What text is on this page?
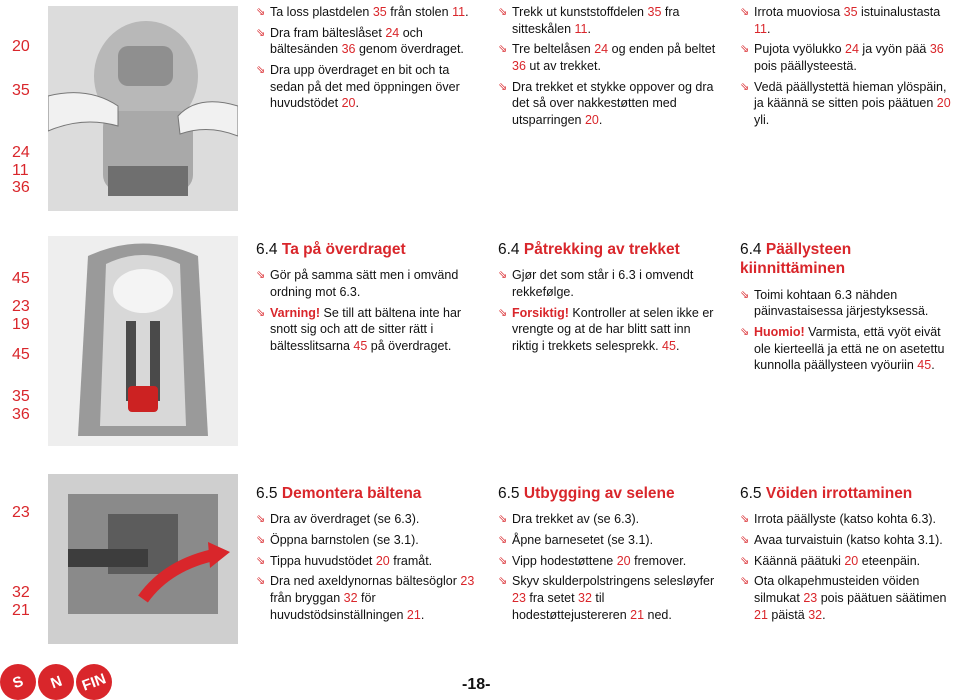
20
35
24
11
36
⇘ Ta loss plastdelen 35 från stolen 11.
⇘ Dra fram bälteslåset 24 och bältesänden 36 genom överdraget.
⇘ Dra upp överdraget en bit och ta sedan på det med öppningen över huvudstödet 20.
⇘ Trekk ut kunststoffdelen 35 fra sitteskålen 11.
⇘ Tre beltelåsen 24 og enden på beltet 36 ut av trekket.
⇘ Dra trekket et stykke oppover og dra det så over nakkestøtten med utsparringen 20.
⇘ Irrota muoviosa 35 istuinalustasta 11.
⇘ Pujota vyölukko 24 ja vyön pää 36 pois päällysteestä.
⇘ Vedä päällystettä hieman ylöspäin, ja käännä se sitten pois päätuen 20 yli.
45
23
19
45
35
36
6.4 Ta på överdraget
⇘ Gör på samma sätt men i omvänd ordning mot 6.3.
⇘ Varning! Se till att bältena inte har snott sig och att de sitter rätt i bältesslitsarna 45 på överdraget.
6.4 Påtrekking av trekket
⇘ Gjør det som står i 6.3 i omvendt rekkefølge.
⇘ Forsiktig! Kontroller at selen ikke er vrengte og at de har blitt satt inn riktig i trekkets selesprekk. 45.
6.4 Päällysteen kiinnittäminen
⇘ Toimi kohtaan 6.3 nähden päinvastaisessa järjestyksessä.
⇘ Huomio! Varmista, että vyöt eivät ole kierteellä ja että ne on asetettu kunnolla päällysteen vyöuriin 45.
23
32
21
6.5 Demontera bältena
⇘ Dra av överdraget (se 6.3).
⇘ Öppna barnstolen (se 3.1).
⇘ Tippa huvudstödet 20 framåt.
⇘ Dra ned axeldynornas bältesöglor 23 från bryggan 32 för huvudstödsinställningen 21.
6.5 Utbygging av selene
⇘ Dra trekket av (se 6.3).
⇘ Åpne barnesetet (se 3.1).
⇘ Vipp hodestøttene 20 fremover.
⇘ Skyv skulderpolstringens selesløyfer 23 fra setet 32 til hodestøttejustereren 21 ned.
6.5 Vöiden irrottaminen
⇘ Irrota päällyste (katso kohta 6.3).
⇘ Avaa turvaistuin (katso kohta 3.1).
⇘ Käännä päätuki 20 eteenpäin.
⇘ Ota olkapehmusteiden vöiden silmukat 23 pois päätuen säätimen 21 päistä 32.
S N FIN	-18-
